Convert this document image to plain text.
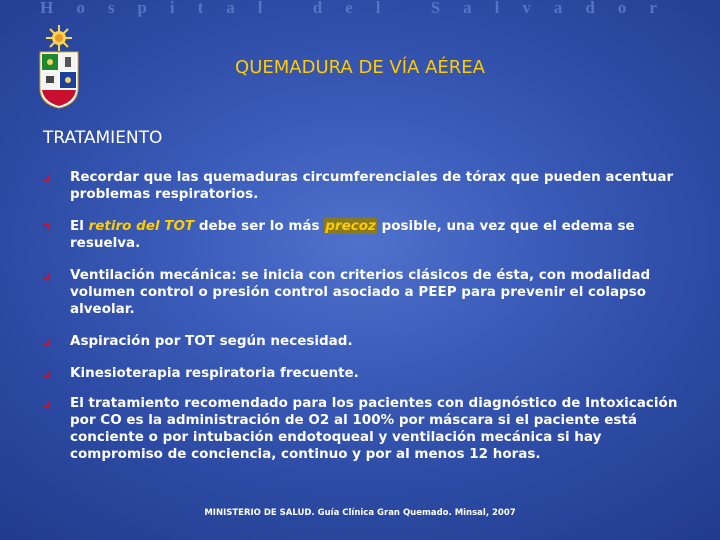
Hospital del Salvador
QUEMADURA DE VÍA AÉREA
TRATAMIENTO
Recordar que las quemaduras circumferenciales de tórax que pueden acentuar problemas respiratorios.
El retiro del TOT debe ser lo más precoz posible, una vez que el edema se resuelva.
Ventilación mecánica: se inicia con criterios clásicos de ésta, con modalidad volumen control o presión control asociado a PEEP para prevenir el colapso alveolar.
Aspiración por TOT según necesidad.
Kinesioterapia respiratoria frecuente.
El tratamiento recomendado para los pacientes con diagnóstico de Intoxicación por CO es la administración de O2 al 100% por máscara si el paciente está conciente o por intubación endotoqueal y ventilación mecánica si hay compromiso de conciencia, continuo y por al menos 12 horas.
MINISTERIO DE SALUD. Guía Clínica Gran Quemado. Minsal, 2007
